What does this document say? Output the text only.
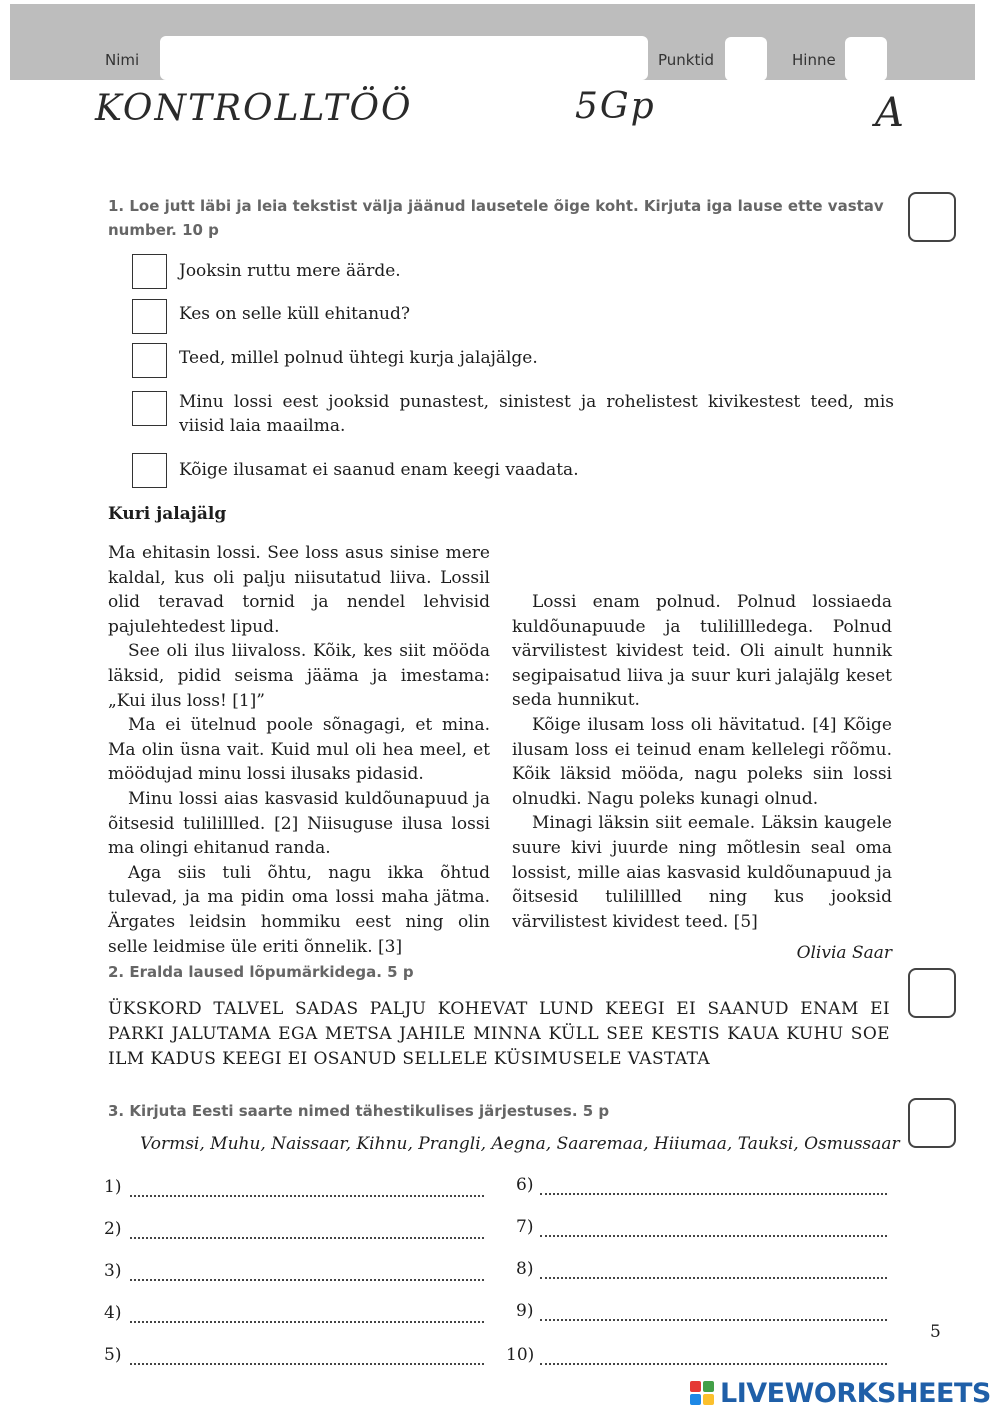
Nimi	Punktid	Hinne
KONTROLLTÖÖ	5Gp	A
1. Loe jutt läbi ja leia tekstist välja jäänud lausetele õige koht. Kirjuta iga lause ette vastav number. 10 p
Jooksin ruttu mere äärde.
Kes on selle küll ehitanud?
Teed, millel polnud ühtegi kurja jalajälge.
Minu lossi eest jooksid punastest, sinistest ja rohelistest kivikestest teed, mis viisid laia maailma.
Kõige ilusamat ei saanud enam keegi vaadata.
Kuri jalajälg

Ma ehitasin lossi. See loss asus sinise mere kaldal, kus oli palju niisutatud liiva. Lossil olid teravad tornid ja nendel lehvisid pajulehtedest lipud.

See oli ilus liivaloss. Kõik, kes siit mööda läksid, pidid seisma jääma ja imestama: „Kui ilus loss! [1]”

Ma ei ütelnud poole sõnagagi, et mina. Ma olin üsna vait. Kuid mul oli hea meel, et möödujad minu lossi ilusaks pidasid.

Minu lossi aias kasvasid kuldõunapuud ja õitsesid tulilillled. [2] Niisuguse ilusa lossi ma olingi ehitanud randa.

Aga siis tuli õhtu, nagu ikka õhtud tulevad, ja ma pidin oma lossi maha jätma. Ärgates leidsin hommiku eest ning olin selle leidmise üle eriti õnnelik. [3]

Lossi enam polnud. Polnud lossiaeda kuldõunapuude ja tulilillledega. Polnud värvilistest kividest teid. Oli ainult hunnik segipaisatud liiva ja suur kuri jalajälg keset seda hunnikut.

Kõige ilusam loss oli hävitatud. [4] Kõige ilusam loss ei teinud enam kellelegi rõõmu. Kõik läksid mööda, nagu poleks siin lossi olnudki. Nagu poleks kunagi olnud.

Minagi läksin siit eemale. Läksin kaugele suure kivi juurde ning mõtlesin seal oma lossist, mille aias kasvasid kuldõunapuud ja õitsesid tulilillled ning kus jooksid värvilistest kividest teed. [5]

Olivia Saar
2. Eralda laused lõpumärkidega. 5 p
ÜKSKORD TALVEL SADAS PALJU KOHEVAT LUND KEEGI EI SAANUD ENAM EI PARKI JALUTAMA EGA METSA JAHILE MINNA KÜLL SEE KESTIS KAUA KUHU SOE ILM KADUS KEEGI EI OSANUD SELLELE KÜSIMUSELE VASTATA
3. Kirjuta Eesti saarte nimed tähestikulises järjestuses. 5 p
Vormsi, Muhu, Naissaar, Kihnu, Prangli, Aegna, Saaremaa, Hiiumaa, Tauksi, Osmussaar
1)
2)
3)
4)
5)
6)
7)
8)
9)
10)
5
LIVEWORKSHEETS
